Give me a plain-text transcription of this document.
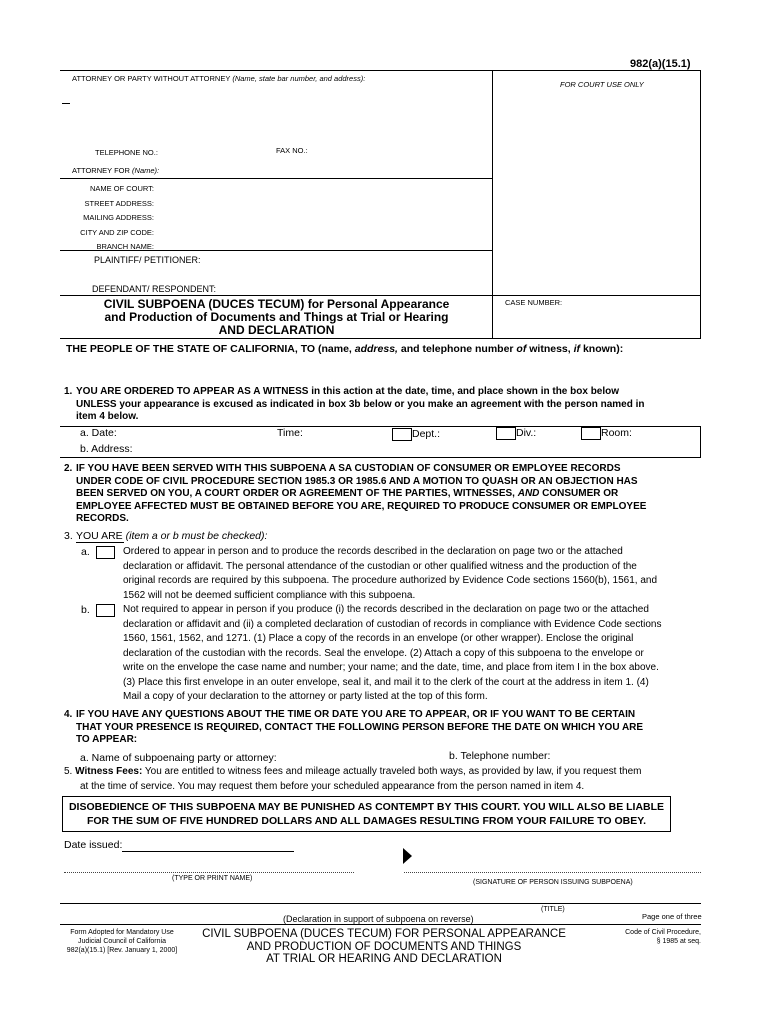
982(a)(15.1)
ATTORNEY OR PARTY WITHOUT ATTORNEY (Name, state bar number, and address):
FOR COURT USE ONLY
TELEPHONE NO.:	FAX NO.:
ATTORNEY FOR (Name):
NAME OF COURT:
STREET ADDRESS:
MAILING ADDRESS:
CITY AND ZIP CODE:
BRANCH NAME:
PLAINTIFF/ PETITIONER:
DEFENDANT/ RESPONDENT:
CASE NUMBER:
CIVIL SUBPOENA (DUCES TECUM) for Personal Appearance
and Production of Documents and Things at Trial or Hearing
AND DECLARATION
THE PEOPLE OF THE STATE OF CALIFORNIA, TO (name, address, and telephone number of witness, if known):
1. YOU ARE ORDERED TO APPEAR AS A WITNESS in this action at the date, time, and place shown in the box below
UNLESS your appearance is excused as indicated in box 3b below or you make an agreement with the person named in
item 4 below.
a. Date:	Time:	Dept.:	Div.:	Room:
b. Address:
2. IF YOU HAVE BEEN SERVED WITH THIS SUBPOENA A SA CUSTODIAN OF CONSUMER OR EMPLOYEE RECORDS
UNDER CODE OF CIVIL PROCEDURE SECTION 1985.3 OR 1985.6 AND A MOTION TO QUASH OR AN OBJECTION HAS
BEEN SERVED ON YOU, A COURT ORDER OR AGREEMENT OF THE PARTIES, WITNESSES, AND CONSUMER OR
EMPLOYEE AFFECTED MUST BE OBTAINED BEFORE YOU ARE, REQUIRED TO PRODUCE CONSUMER OR EMPLOYEE
RECORDS.
3. YOU ARE (item a or b must be checked):
a.	Ordered to appear in person and to produce the records described in the declaration on page two or the attached
declaration or affidavit. The personal attendance of the custodian or other qualified witness and the production of the
original records are required by this subpoena. The procedure authorized by Evidence Code sections 1560(b), 1561, and
1562 will not be deemed sufficient compliance with this subpoena.
b.	Not required to appear in person if you produce (i) the records described in the declaration on page two or the attached
declaration or affidavit and (ii) a completed declaration of custodian of records in compliance with Evidence Code sections
1560, 1561, 1562, and 1271. (1) Place a copy of the records in an envelope (or other wrapper). Enclose the original
declaration of the custodian with the records. Seal the envelope. (2) Attach a copy of this subpoena to the envelope or
write on the envelope the case name and number; your name; and the date, time, and place from item I in the box above.
(3) Place this first envelope in an outer envelope, seal it, and mail it to the clerk of the court at the address in item 1. (4)
Mail a copy of your declaration to the attorney or party listed at the top of this form.
4. IF YOU HAVE ANY QUESTIONS ABOUT THE TIME OR DATE YOU ARE TO APPEAR, OR IF YOU WANT TO BE CERTAIN
THAT YOUR PRESENCE IS REQUIRED, CONTACT THE FOLLOWING PERSON BEFORE THE DATE ON WHICH YOU ARE
TO APPEAR:
a. Name of subpoenaing party or attorney:	b. Telephone number:
5. Witness Fees: You are entitled to witness fees and mileage actually traveled both ways, as provided by law, if you request them
at the time of service. You may request them before your scheduled appearance from the person named in item 4.
DISOBEDIENCE OF THIS SUBPOENA MAY BE PUNISHED AS CONTEMPT BY THIS COURT. YOU WILL ALSO BE LIABLE
FOR THE SUM OF FIVE HUNDRED DOLLARS AND ALL DAMAGES RESULTING FROM YOUR FAILURE TO OBEY.
Date issued:
(TYPE OR PRINT NAME)
(SIGNATURE OF PERSON ISSUING SUBPOENA)
(TITLE)
(Declaration in support of subpoena on reverse)	Page one of three
Form Adopted for Mandatory Use
Judicial Council of California
982(a)(15.1) [Rev. January 1, 2000]
CIVIL SUBPOENA (DUCES TECUM) FOR PERSONAL APPEARANCE
AND PRODUCTION OF DOCUMENTS AND THINGS
AT TRIAL OR HEARING AND DECLARATION
Code of Civil Procedure,
§ 1985 at seq.
